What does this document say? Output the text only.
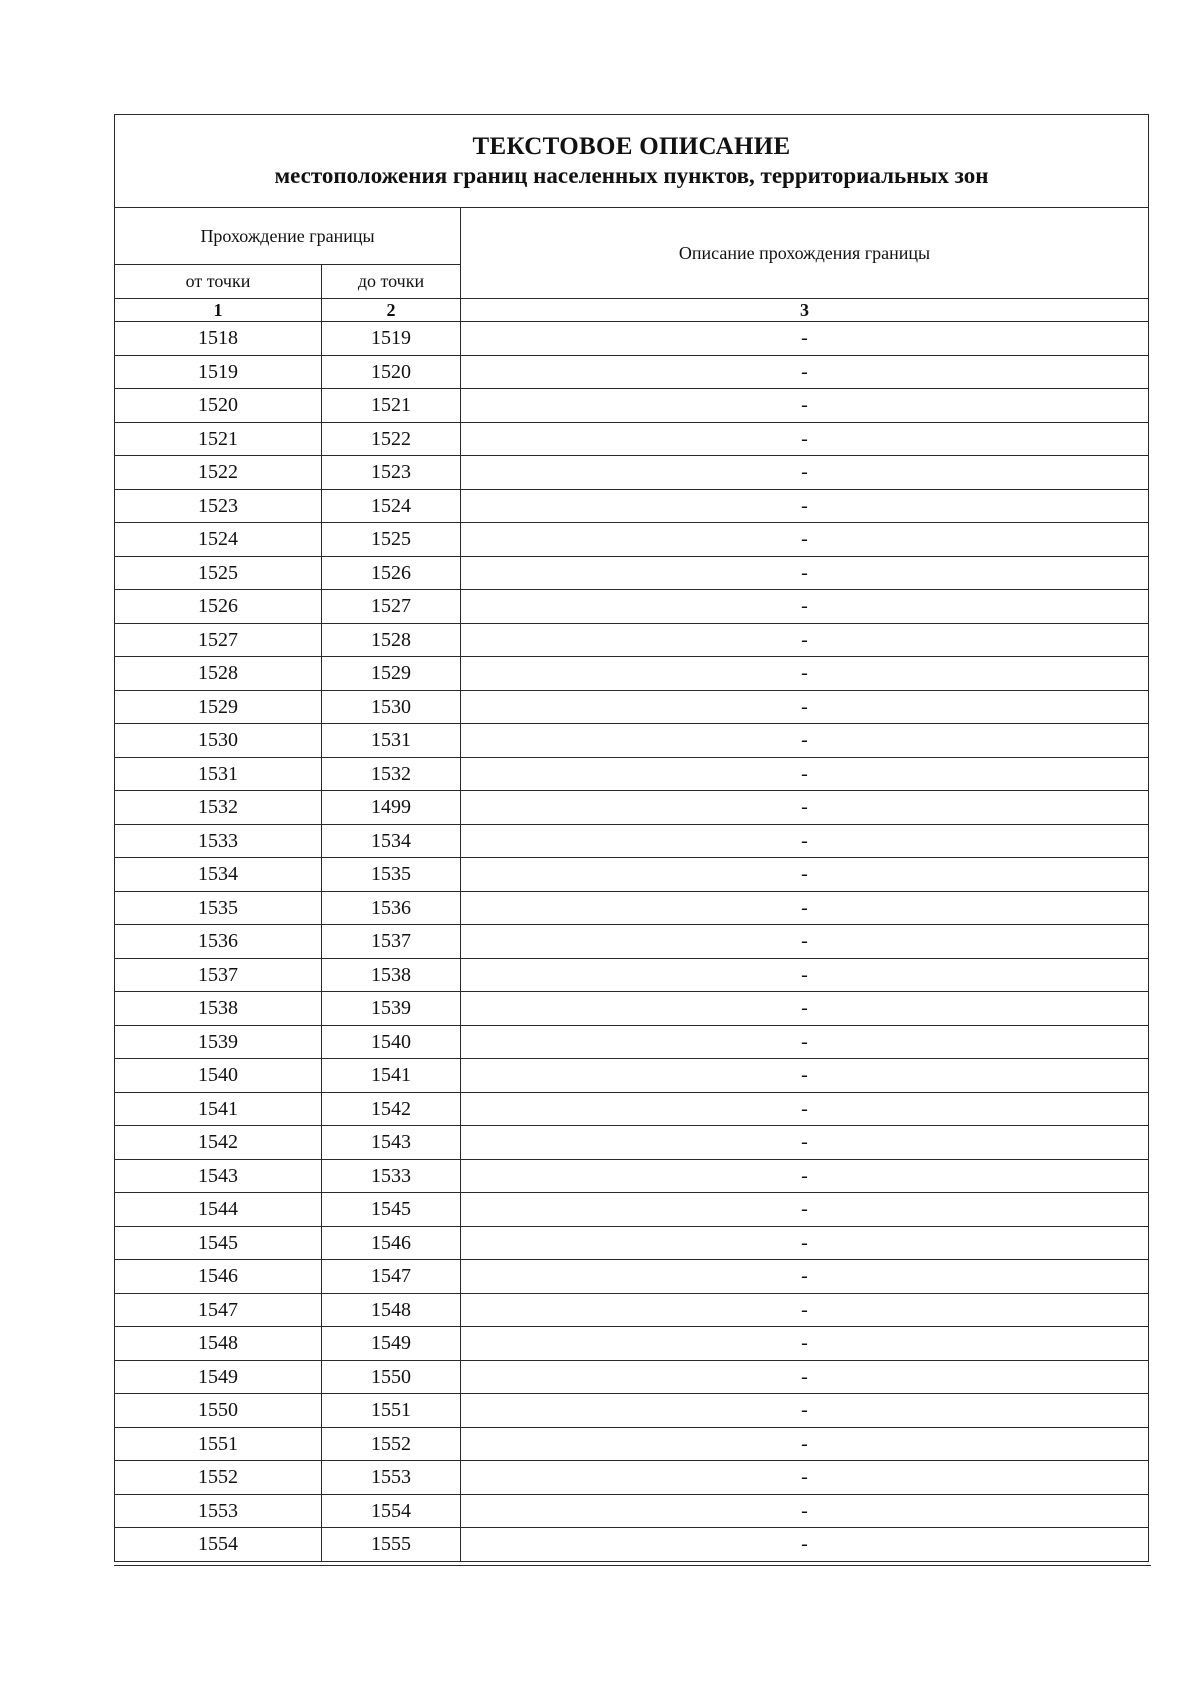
ТЕКСТОВОЕ ОПИСАНИЕ
местоположения границ населенных пунктов, территориальных зон		

Прохождение границы		Описание прохождения границы
от точки	до точки	
1	2	3
1518	1519	-
1519	1520	-
1520	1521	-
1521	1522	-
1522	1523	-
1523	1524	-
1524	1525	-
1525	1526	-
1526	1527	-
1527	1528	-
1528	1529	-
1529	1530	-
1530	1531	-
1531	1532	-
1532	1499	-
1533	1534	-
1534	1535	-
1535	1536	-
1536	1537	-
1537	1538	-
1538	1539	-
1539	1540	-
1540	1541	-
1541	1542	-
1542	1543	-
1543	1533	-
1544	1545	-
1545	1546	-
1546	1547	-
1547	1548	-
1548	1549	-
1549	1550	-
1550	1551	-
1551	1552	-
1552	1553	-
1553	1554	-
1554	1555	-
